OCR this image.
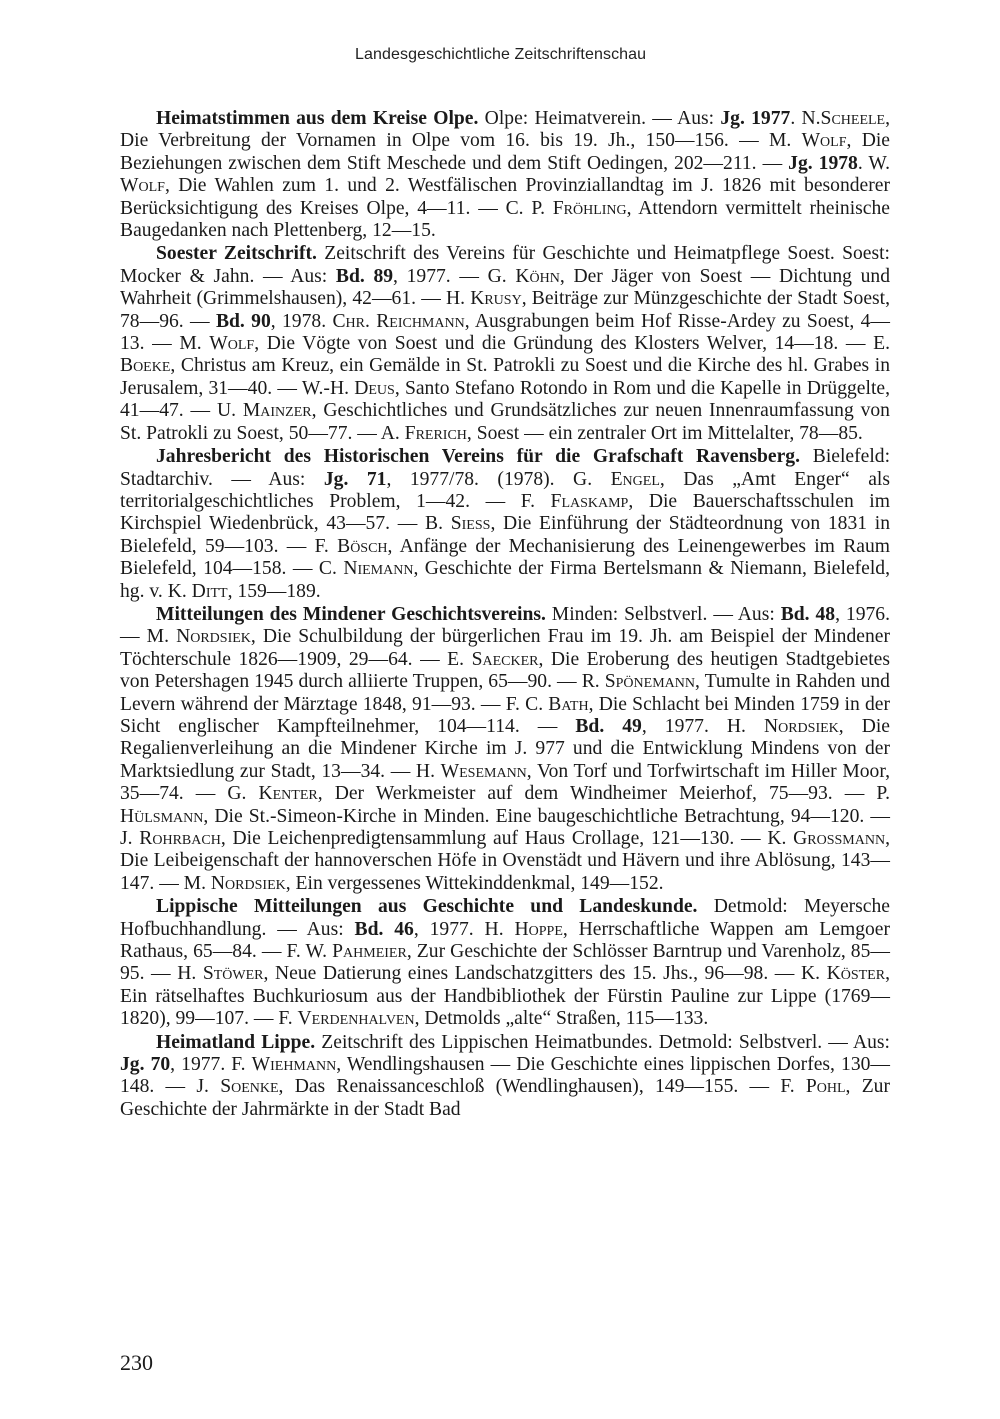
Landesgeschichtliche Zeitschriftenschau

Heimatstimmen aus dem Kreise Olpe. Olpe: Heimatverein. — Aus: Jg. 1977. N.Scheele, Die Verbreitung der Vornamen in Olpe vom 16. bis 19. Jh., 150—156. — M. Wolf, Die Beziehungen zwischen dem Stift Meschede und dem Stift Oedingen, 202—211. — Jg. 1978. W. Wolf, Die Wahlen zum 1. und 2. Westfälischen Provinziallandtag im J. 1826 mit besonderer Berücksichtigung des Kreises Olpe, 4—11. — C. P. Fröhling, Attendorn vermittelt rheinische Baugedanken nach Plettenberg, 12—15.

Soester Zeitschrift. Zeitschrift des Vereins für Geschichte und Heimatpflege Soest. Soest: Mocker & Jahn. — Aus: Bd. 89, 1977. — G. Köhn, Der Jäger von Soest — Dichtung und Wahrheit (Grimmelshausen), 42—61. — H. Krusy, Beiträge zur Münzgeschichte der Stadt Soest, 78—96. — Bd. 90, 1978. Chr. Reichmann, Ausgrabungen beim Hof Risse-Ardey zu Soest, 4—13. — M. Wolf, Die Vögte von Soest und die Gründung des Klosters Welver, 14—18. — E. Boeke, Christus am Kreuz, ein Gemälde in St. Patrokli zu Soest und die Kirche des hl. Grabes in Jerusalem, 31—40. — W.-H. Deus, Santo Stefano Rotondo in Rom und die Kapelle in Drüggelte, 41—47. — U. Mainzer, Geschichtliches und Grundsätzliches zur neuen Innenraumfassung von St. Patrokli zu Soest, 50—77. — A. Frerich, Soest — ein zentraler Ort im Mittelalter, 78—85.

Jahresbericht des Historischen Vereins für die Grafschaft Ravensberg. Bielefeld: Stadtarchiv. — Aus: Jg. 71, 1977/78. (1978). G. Engel, Das „Amt Enger“ als territorialgeschichtliches Problem, 1—42. — F. Flaskamp, Die Bauerschaftsschulen im Kirchspiel Wiedenbrück, 43—57. — B. Siess, Die Einführung der Städteordnung von 1831 in Bielefeld, 59—103. — F. Bösch, Anfänge der Mechanisierung des Leinengewerbes im Raum Bielefeld, 104—158. — C. Niemann, Geschichte der Firma Bertelsmann & Niemann, Bielefeld, hg. v. K. Ditt, 159—189.

Mitteilungen des Mindener Geschichtsvereins. Minden: Selbstverl. — Aus: Bd. 48, 1976. — M. Nordsiek, Die Schulbildung der bürgerlichen Frau im 19. Jh. am Beispiel der Mindener Töchterschule 1826—1909, 29—64. — E. Saecker, Die Eroberung des heutigen Stadtgebietes von Petershagen 1945 durch alliierte Truppen, 65—90. — R. Spönemann, Tumulte in Rahden und Levern während der Märztage 1848, 91—93. — F. C. Bath, Die Schlacht bei Minden 1759 in der Sicht englischer Kampfteilnehmer, 104—114. — Bd. 49, 1977. H. Nordsiek, Die Regalienverleihung an die Mindener Kirche im J. 977 und die Entwicklung Mindens von der Marktsiedlung zur Stadt, 13—34. — H. Wesemann, Von Torf und Torfwirtschaft im Hiller Moor, 35—74. — G. Kenter, Der Werkmeister auf dem Windheimer Meierhof, 75—93. — P. Hülsmann, Die St.-Simeon-Kirche in Minden. Eine baugeschichtliche Betrachtung, 94—120. — J. Rohrbach, Die Leichenpredigtensammlung auf Haus Crollage, 121—130. — K. Grossmann, Die Leibeigenschaft der hannoverschen Höfe in Ovenstädt und Hävern und ihre Ablösung, 143—147. — M. Nordsiek, Ein vergessenes Wittekinddenkmal, 149—152.

Lippische Mitteilungen aus Geschichte und Landeskunde. Detmold: Meyersche Hofbuchhandlung. — Aus: Bd. 46, 1977. H. Hoppe, Herrschaftliche Wappen am Lemgoer Rathaus, 65—84. — F. W. Pahmeier, Zur Geschichte der Schlösser Barntrup und Varenholz, 85—95. — H. Stöwer, Neue Datierung eines Landschatzgitters des 15. Jhs., 96—98. — K. Köster, Ein rätselhaftes Buchkuriosum aus der Handbibliothek der Fürstin Pauline zur Lippe (1769—1820), 99—107. — F. Verdenhalven, Detmolds „alte“ Straßen, 115—133.

Heimatland Lippe. Zeitschrift des Lippischen Heimatbundes. Detmold: Selbstverl. — Aus: Jg. 70, 1977. F. Wiehmann, Wendlingshausen — Die Geschichte eines lippischen Dorfes, 130—148. — J. Soenke, Das Renaissanceschloß (Wendlinghausen), 149—155. — F. Pohl, Zur Geschichte der Jahrmärkte in der Stadt Bad

230
